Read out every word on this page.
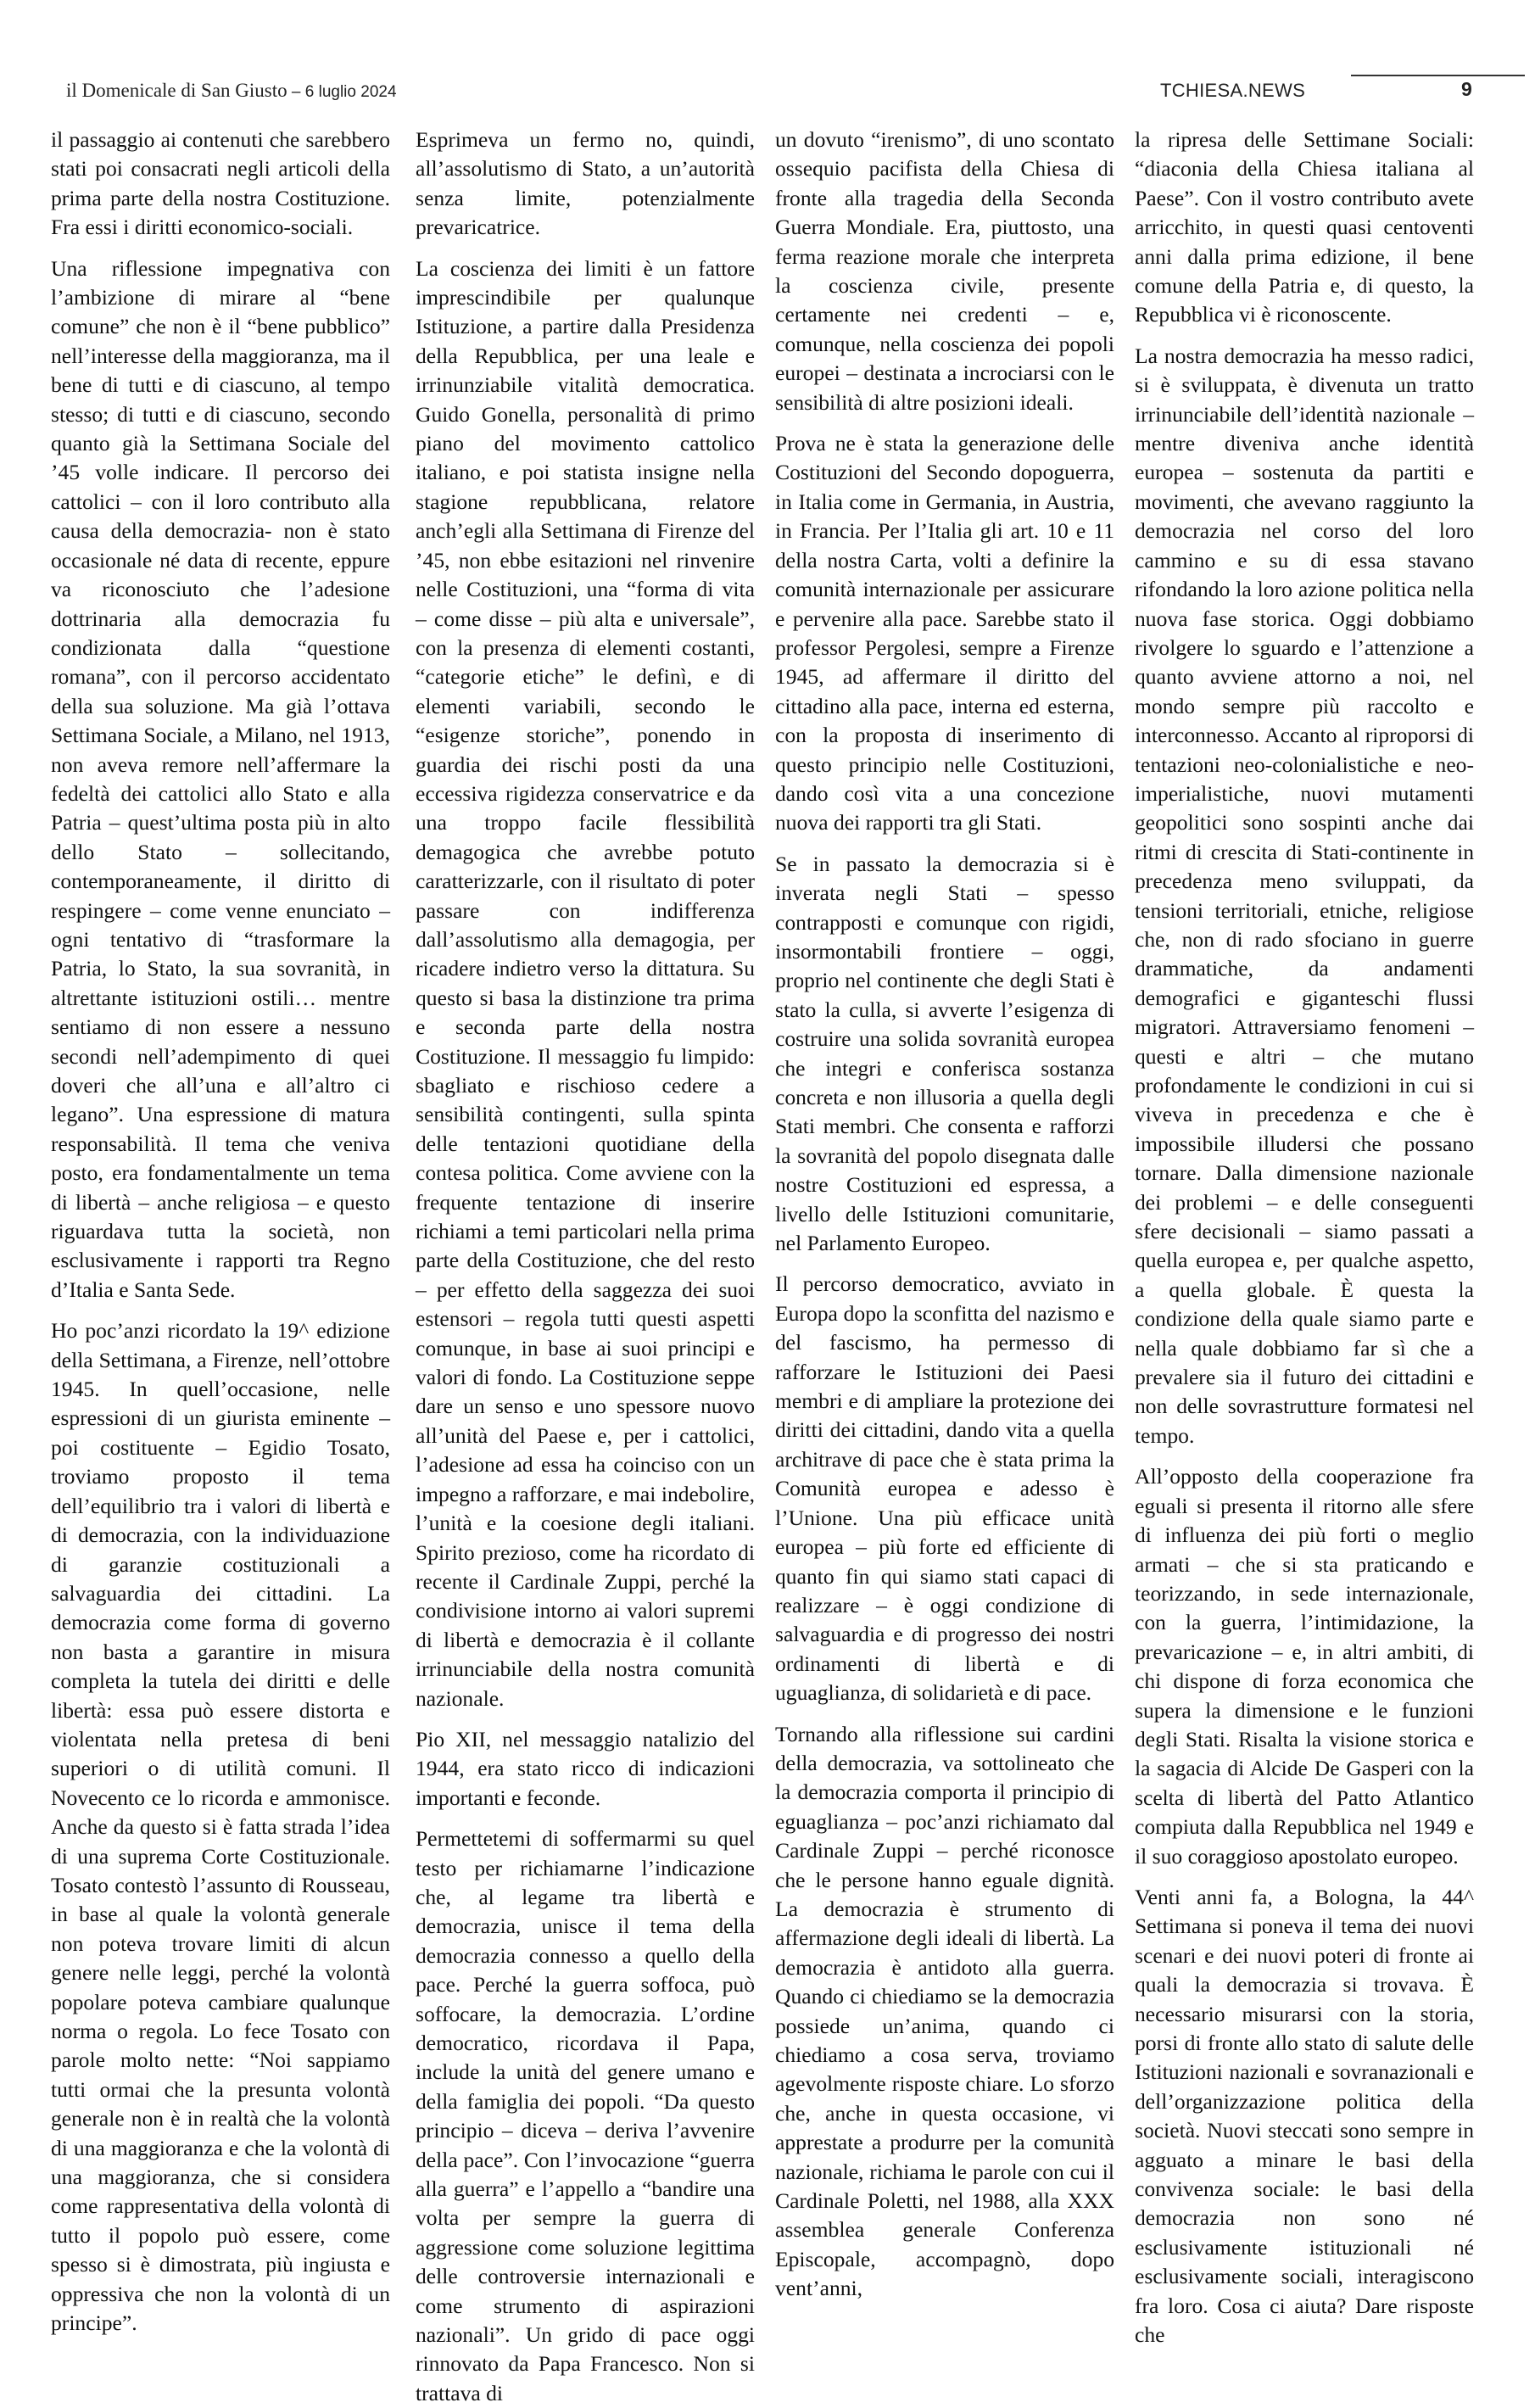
il Domenicale di San Giusto – 6 luglio 2024	TCHIESA.NEWS	9

il passaggio ai contenuti che sarebbero stati poi consacrati negli articoli della prima parte della nostra Costituzione. Fra essi i diritti economico-sociali.

Una riflessione impegnativa con l’ambizione di mirare al “bene comune” che non è il “bene pubblico” nell’interesse della maggioranza, ma il bene di tutti e di ciascuno, al tempo stesso; di tutti e di ciascuno, secondo quanto già la Settimana Sociale del ’45 volle indicare. Il percorso dei cattolici – con il loro contributo alla causa della democrazia- non è stato occasionale né data di recente, eppure va riconosciuto che l’adesione dottrinaria alla democrazia fu condizionata dalla “questione romana”, con il percorso accidentato della sua soluzione. Ma già l’ottava Settimana Sociale, a Milano, nel 1913, non aveva remore nell’affermare la fedeltà dei cattolici allo Stato e alla Patria – quest’ultima posta più in alto dello Stato – sollecitando, contemporaneamente, il diritto di respingere – come venne enunciato – ogni tentativo di “trasformare la Patria, lo Stato, la sua sovranità, in altrettante istituzioni ostili… mentre sentiamo di non essere a nessuno secondi nell’adempimento di quei doveri che all’una e all’altro ci legano”. Una espressione di matura responsabilità. Il tema che veniva posto, era fondamentalmente un tema di libertà – anche religiosa – e questo riguardava tutta la società, non esclusivamente i rapporti tra Regno d’Italia e Santa Sede.

Ho poc’anzi ricordato la 19^ edizione della Settimana, a Firenze, nell’ottobre 1945. In quell’occasione, nelle espressioni di un giurista eminente – poi costituente – Egidio Tosato, troviamo proposto il tema dell’equilibrio tra i valori di libertà e di democrazia, con la individuazione di garanzie costituzionali a salvaguardia dei cittadini. La democrazia come forma di governo non basta a garantire in misura completa la tutela dei diritti e delle libertà: essa può essere distorta e violentata nella pretesa di beni superiori o di utilità comuni. Il Novecento ce lo ricorda e ammonisce. Anche da questo si è fatta strada l’idea di una suprema Corte Costituzionale. Tosato contestò l’assunto di Rousseau, in base al quale la volontà generale non poteva trovare limiti di alcun genere nelle leggi, perché la volontà popolare poteva cambiare qualunque norma o regola. Lo fece Tosato con parole molto nette: “Noi sappiamo tutti ormai che la presunta volontà generale non è in realtà che la volontà di una maggioranza e che la volontà di una maggioranza, che si considera come rappresentativa della volontà di tutto il popolo può essere, come spesso si è dimostrata, più ingiusta e oppressiva che non la volontà di un principe”.

Esprimeva un fermo no, quindi, all’assolutismo di Stato, a un’autorità senza limite, potenzialmente prevaricatrice.

La coscienza dei limiti è un fattore imprescindibile per qualunque Istituzione, a partire dalla Presidenza della Repubblica, per una leale e irrinunziabile vitalità democratica. Guido Gonella, personalità di primo piano del movimento cattolico italiano, e poi statista insigne nella stagione repubblicana, relatore anch’egli alla Settimana di Firenze del ’45, non ebbe esitazioni nel rinvenire nelle Costituzioni, una “forma di vita – come disse – più alta e universale”, con la presenza di elementi costanti, “categorie etiche” le definì, e di elementi variabili, secondo le “esigenze storiche”, ponendo in guardia dei rischi posti da una eccessiva rigidezza conservatrice e da una troppo facile flessibilità demagogica che avrebbe potuto caratterizzarle, con il risultato di poter passare con indifferenza dall’assolutismo alla demagogia, per ricadere indietro verso la dittatura. Su questo si basa la distinzione tra prima e seconda parte della nostra Costituzione. Il messaggio fu limpido: sbagliato e rischioso cedere a sensibilità contingenti, sulla spinta delle tentazioni quotidiane della contesa politica. Come avviene con la frequente tentazione di inserire richiami a temi particolari nella prima parte della Costituzione, che del resto – per effetto della saggezza dei suoi estensori – regola tutti questi aspetti comunque, in base ai suoi principi e valori di fondo. La Costituzione seppe dare un senso e uno spessore nuovo all’unità del Paese e, per i cattolici, l’adesione ad essa ha coinciso con un impegno a rafforzare, e mai indebolire, l’unità e la coesione degli italiani. Spirito prezioso, come ha ricordato di recente il Cardinale Zuppi, perché la condivisione intorno ai valori supremi di libertà e democrazia è il collante irrinunciabile della nostra comunità nazionale.

Pio XII, nel messaggio natalizio del 1944, era stato ricco di indicazioni importanti e feconde.

Permettetemi di soffermarmi su quel testo per richiamarne l’indicazione che, al legame tra libertà e democrazia, unisce il tema della democrazia connesso a quello della pace. Perché la guerra soffoca, può soffocare, la democrazia. L’ordine democratico, ricordava il Papa, include la unità del genere umano e della famiglia dei popoli. “Da questo principio – diceva – deriva l’avvenire della pace”. Con l’invocazione “guerra alla guerra” e l’appello a “bandire una volta per sempre la guerra di aggressione come soluzione legittima delle controversie internazionali e come strumento di aspirazioni nazionali”. Un grido di pace oggi rinnovato da Papa Francesco. Non si trattava di

un dovuto “irenismo”, di uno scontato ossequio pacifista della Chiesa di fronte alla tragedia della Seconda Guerra Mondiale. Era, piuttosto, una ferma reazione morale che interpreta la coscienza civile, presente certamente nei credenti – e, comunque, nella coscienza dei popoli europei – destinata a incrociarsi con le sensibilità di altre posizioni ideali.

Prova ne è stata la generazione delle Costituzioni del Secondo dopoguerra, in Italia come in Germania, in Austria, in Francia. Per l’Italia gli art. 10 e 11 della nostra Carta, volti a definire la comunità internazionale per assicurare e pervenire alla pace. Sarebbe stato il professor Pergolesi, sempre a Firenze 1945, ad affermare il diritto del cittadino alla pace, interna ed esterna, con la proposta di inserimento di questo principio nelle Costituzioni, dando così vita a una concezione nuova dei rapporti tra gli Stati.

Se in passato la democrazia si è inverata negli Stati – spesso contrapposti e comunque con rigidi, insormontabili frontiere – oggi, proprio nel continente che degli Stati è stato la culla, si avverte l’esigenza di costruire una solida sovranità europea che integri e conferisca sostanza concreta e non illusoria a quella degli Stati membri. Che consenta e rafforzi la sovranità del popolo disegnata dalle nostre Costituzioni ed espressa, a livello delle Istituzioni comunitarie, nel Parlamento Europeo.

Il percorso democratico, avviato in Europa dopo la sconfitta del nazismo e del fascismo, ha permesso di rafforzare le Istituzioni dei Paesi membri e di ampliare la protezione dei diritti dei cittadini, dando vita a quella architrave di pace che è stata prima la Comunità europea e adesso è l’Unione. Una più efficace unità europea – più forte ed efficiente di quanto fin qui siamo stati capaci di realizzare – è oggi condizione di salvaguardia e di progresso dei nostri ordinamenti di libertà e di uguaglianza, di solidarietà e di pace.

Tornando alla riflessione sui cardini della democrazia, va sottolineato che la democrazia comporta il principio di eguaglianza – poc’anzi richiamato dal Cardinale Zuppi – perché riconosce che le persone hanno eguale dignità. La democrazia è strumento di affermazione degli ideali di libertà. La democrazia è antidoto alla guerra. Quando ci chiediamo se la democrazia possiede un’anima, quando ci chiediamo a cosa serva, troviamo agevolmente risposte chiare. Lo sforzo che, anche in questa occasione, vi apprestate a produrre per la comunità nazionale, richiama le parole con cui il Cardinale Poletti, nel 1988, alla XXX assemblea generale Conferenza Episcopale, accompagnò, dopo vent’anni,

la ripresa delle Settimane Sociali: “diaconia della Chiesa italiana al Paese”. Con il vostro contributo avete arricchito, in questi quasi centoventi anni dalla prima edizione, il bene comune della Patria e, di questo, la Repubblica vi è riconoscente.

La nostra democrazia ha messo radici, si è sviluppata, è divenuta un tratto irrinunciabile dell’identità nazionale – mentre diveniva anche identità europea – sostenuta da partiti e movimenti, che avevano raggiunto la democrazia nel corso del loro cammino e su di essa stavano rifondando la loro azione politica nella nuova fase storica. Oggi dobbiamo rivolgere lo sguardo e l’attenzione a quanto avviene attorno a noi, nel mondo sempre più raccolto e interconnesso. Accanto al riproporsi di tentazioni neo-colonialistiche e neo-imperialistiche, nuovi mutamenti geopolitici sono sospinti anche dai ritmi di crescita di Stati-continente in precedenza meno sviluppati, da tensioni territoriali, etniche, religiose che, non di rado sfociano in guerre drammatiche, da andamenti demografici e giganteschi flussi migratori. Attraversiamo fenomeni – questi e altri – che mutano profondamente le condizioni in cui si viveva in precedenza e che è impossibile illudersi che possano tornare. Dalla dimensione nazionale dei problemi – e delle conseguenti sfere decisionali – siamo passati a quella europea e, per qualche aspetto, a quella globale. È questa la condizione della quale siamo parte e nella quale dobbiamo far sì che a prevalere sia il futuro dei cittadini e non delle sovrastrutture formatesi nel tempo.

All’opposto della cooperazione fra eguali si presenta il ritorno alle sfere di influenza dei più forti o meglio armati – che si sta praticando e teorizzando, in sede internazionale, con la guerra, l’intimidazione, la prevaricazione – e, in altri ambiti, di chi dispone di forza economica che supera la dimensione e le funzioni degli Stati. Risalta la visione storica e la sagacia di Alcide De Gasperi con la scelta di libertà del Patto Atlantico compiuta dalla Repubblica nel 1949 e il suo coraggioso apostolato europeo.

Venti anni fa, a Bologna, la 44^ Settimana si poneva il tema dei nuovi scenari e dei nuovi poteri di fronte ai quali la democrazia si trovava. È necessario misurarsi con la storia, porsi di fronte allo stato di salute delle Istituzioni nazionali e sovranazionali e dell’organizzazione politica della società. Nuovi steccati sono sempre in agguato a minare le basi della convivenza sociale: le basi della democrazia non sono né esclusivamente istituzionali né esclusivamente sociali, interagiscono fra loro. Cosa ci aiuta? Dare risposte che
